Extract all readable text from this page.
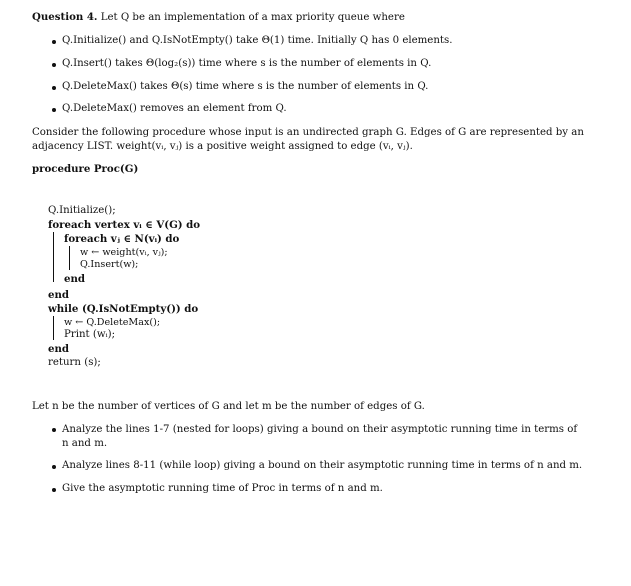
Question 4. Let Q be an implementation of a max priority queue where
Q.Initialize() and Q.IsNotEmpty() take Θ(1) time. Initially Q has 0 elements.
Q.Insert() takes Θ(log₂(s)) time where s is the number of elements in Q.
Q.DeleteMax() takes Θ(s) time where s is the number of elements in Q.
Q.DeleteMax() removes an element from Q.
Consider the following procedure whose input is an undirected graph G. Edges of G are represented by an adjacency LIST. weight(vᵢ, vⱼ) is a positive weight assigned to edge (vᵢ, vⱼ).
procedure Proc(G)
Q.Initialize();
foreach vertex vᵢ ∈ V(G) do
foreach vⱼ ∈ N(vᵢ) do
w ← weight(vᵢ, vⱼ);
Q.Insert(w);
end
end
while (Q.IsNotEmpty()) do
w ← Q.DeleteMax();
Print (wᵢ);
end
return (s);
Let n be the number of vertices of G and let m be the number of edges of G.
Analyze the lines 1-7 (nested for loops) giving a bound on their asymptotic running time in terms of n and m.
Analyze lines 8-11 (while loop) giving a bound on their asymptotic running time in terms of n and m.
Give the asymptotic running time of Proc in terms of n and m.
